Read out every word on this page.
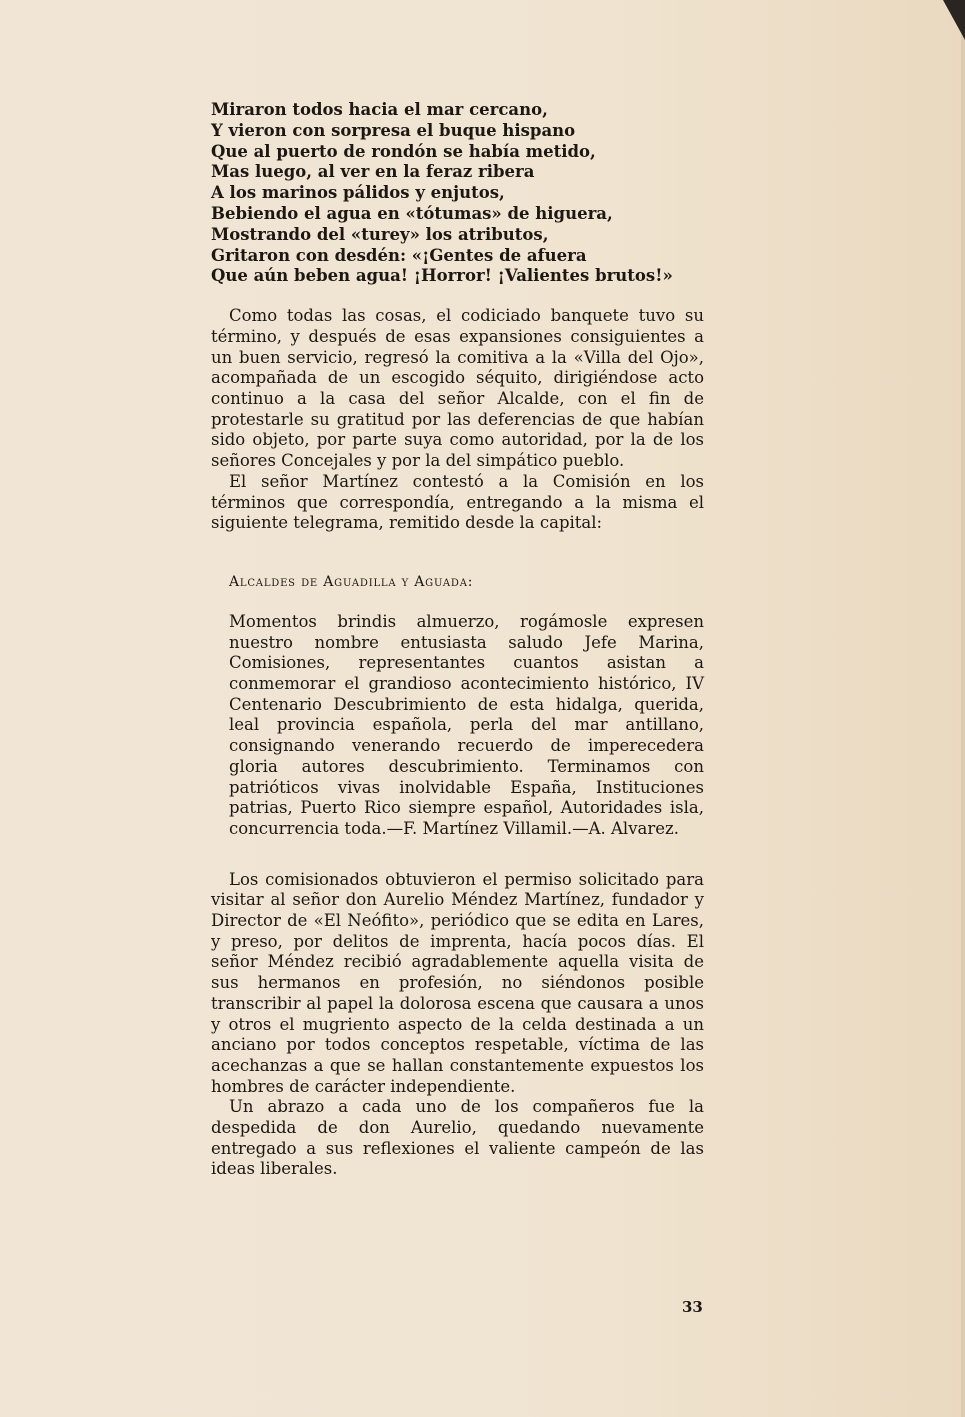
Miraron todos hacia el mar cercano,
Y vieron con sorpresa el buque hispano
Que al puerto de rondón se había metido,
Mas luego, al ver en la feraz ribera
A los marinos pálidos y enjutos,
Bebiendo el agua en «tótumas» de higuera,
Mostrando del «turey» los atributos,
Gritaron con desdén: «¡Gentes de afuera
Que aún beben agua! ¡Horror! ¡Valientes brutos!»

Como todas las cosas, el codiciado banquete tuvo su término, y después de esas expansiones consiguientes a un buen servicio, regresó la comitiva a la «Villa del Ojo», acompañada de un escogido séquito, dirigiéndose acto continuo a la casa del señor Alcalde, con el fin de protestarle su gratitud por las deferencias de que habían sido objeto, por parte suya como autoridad, por la de los señores Concejales y por la del simpático pueblo.

El señor Martínez contestó a la Comisión en los términos que correspondía, entregando a la misma el siguiente telegrama, remitido desde la capital:

Alcaldes de Aguadilla y Aguada:

Momentos brindis almuerzo, rogámosle expresen nuestro nombre entusiasta saludo Jefe Marina, Comisiones, representantes cuantos asistan a conmemorar el grandioso acontecimiento histórico, IV Centenario Descubrimiento de esta hidalga, querida, leal provincia española, perla del mar antillano, consignando venerando recuerdo de imperecedera gloria autores descubrimiento. Terminamos con patrióticos vivas inolvidable España, Instituciones patrias, Puerto Rico siempre español, Autoridades isla, concurrencia toda.—F. Martínez Villamil.—A. Alvarez.

Los comisionados obtuvieron el permiso solicitado para visitar al señor don Aurelio Méndez Martínez, fundador y Director de «El Neófito», periódico que se edita en Lares, y preso, por delitos de imprenta, hacía pocos días. El señor Méndez recibió agradablemente aquella visita de sus hermanos en profesión, no siéndonos posible transcribir al papel la dolorosa escena que causara a unos y otros el mugriento aspecto de la celda destinada a un anciano por todos conceptos respetable, víctima de las acechanzas a que se hallan constantemente expuestos los hombres de carácter independiente.

Un abrazo a cada uno de los compañeros fue la despedida de don Aurelio, quedando nuevamente entregado a sus reflexiones el valiente campeón de las ideas liberales.

33
